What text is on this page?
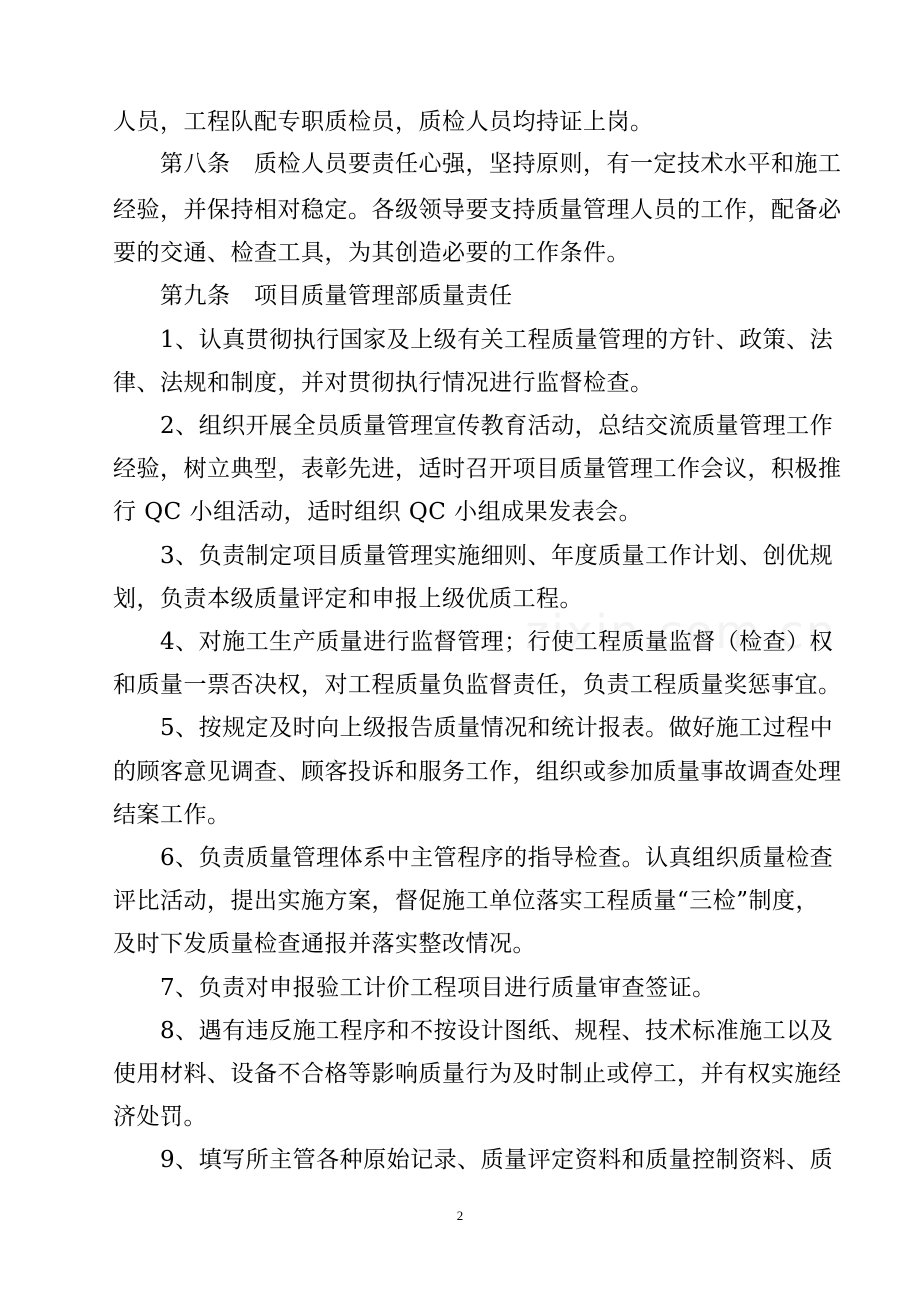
人员，工程队配专职质检员，质检人员均持证上岗。
　　第八条　质检人员要责任心强，坚持原则，有一定技术水平和施工
经验，并保持相对稳定。各级领导要支持质量管理人员的工作，配备必
要的交通、检查工具，为其创造必要的工作条件。
　　第九条　项目质量管理部质量责任
　　1、认真贯彻执行国家及上级有关工程质量管理的方针、政策、法
律、法规和制度，并对贯彻执行情况进行监督检查。
　　2、组织开展全员质量管理宣传教育活动，总结交流质量管理工作
经验，树立典型，表彰先进，适时召开项目质量管理工作会议，积极推
行 QC 小组活动，适时组织 QC 小组成果发表会。
　　3、负责制定项目质量管理实施细则、年度质量工作计划、创优规
划，负责本级质量评定和申报上级优质工程。
　　4、对施工生产质量进行监督管理；行使工程质量监督（检查）权
和质量一票否决权，对工程质量负监督责任，负责工程质量奖惩事宜。
　　5、按规定及时向上级报告质量情况和统计报表。做好施工过程中
的顾客意见调查、顾客投诉和服务工作，组织或参加质量事故调查处理
结案工作。
　　6、负责质量管理体系中主管程序的指导检查。认真组织质量检查
评比活动，提出实施方案，督促施工单位落实工程质量“三检”制度，
及时下发质量检查通报并落实整改情况。
　　7、负责对申报验工计价工程项目进行质量审查签证。
　　8、遇有违反施工程序和不按设计图纸、规程、技术标准施工以及
使用材料、设备不合格等影响质量行为及时制止或停工，并有权实施经
济处罚。
　　9、填写所主管各种原始记录、质量评定资料和质量控制资料、质
2
